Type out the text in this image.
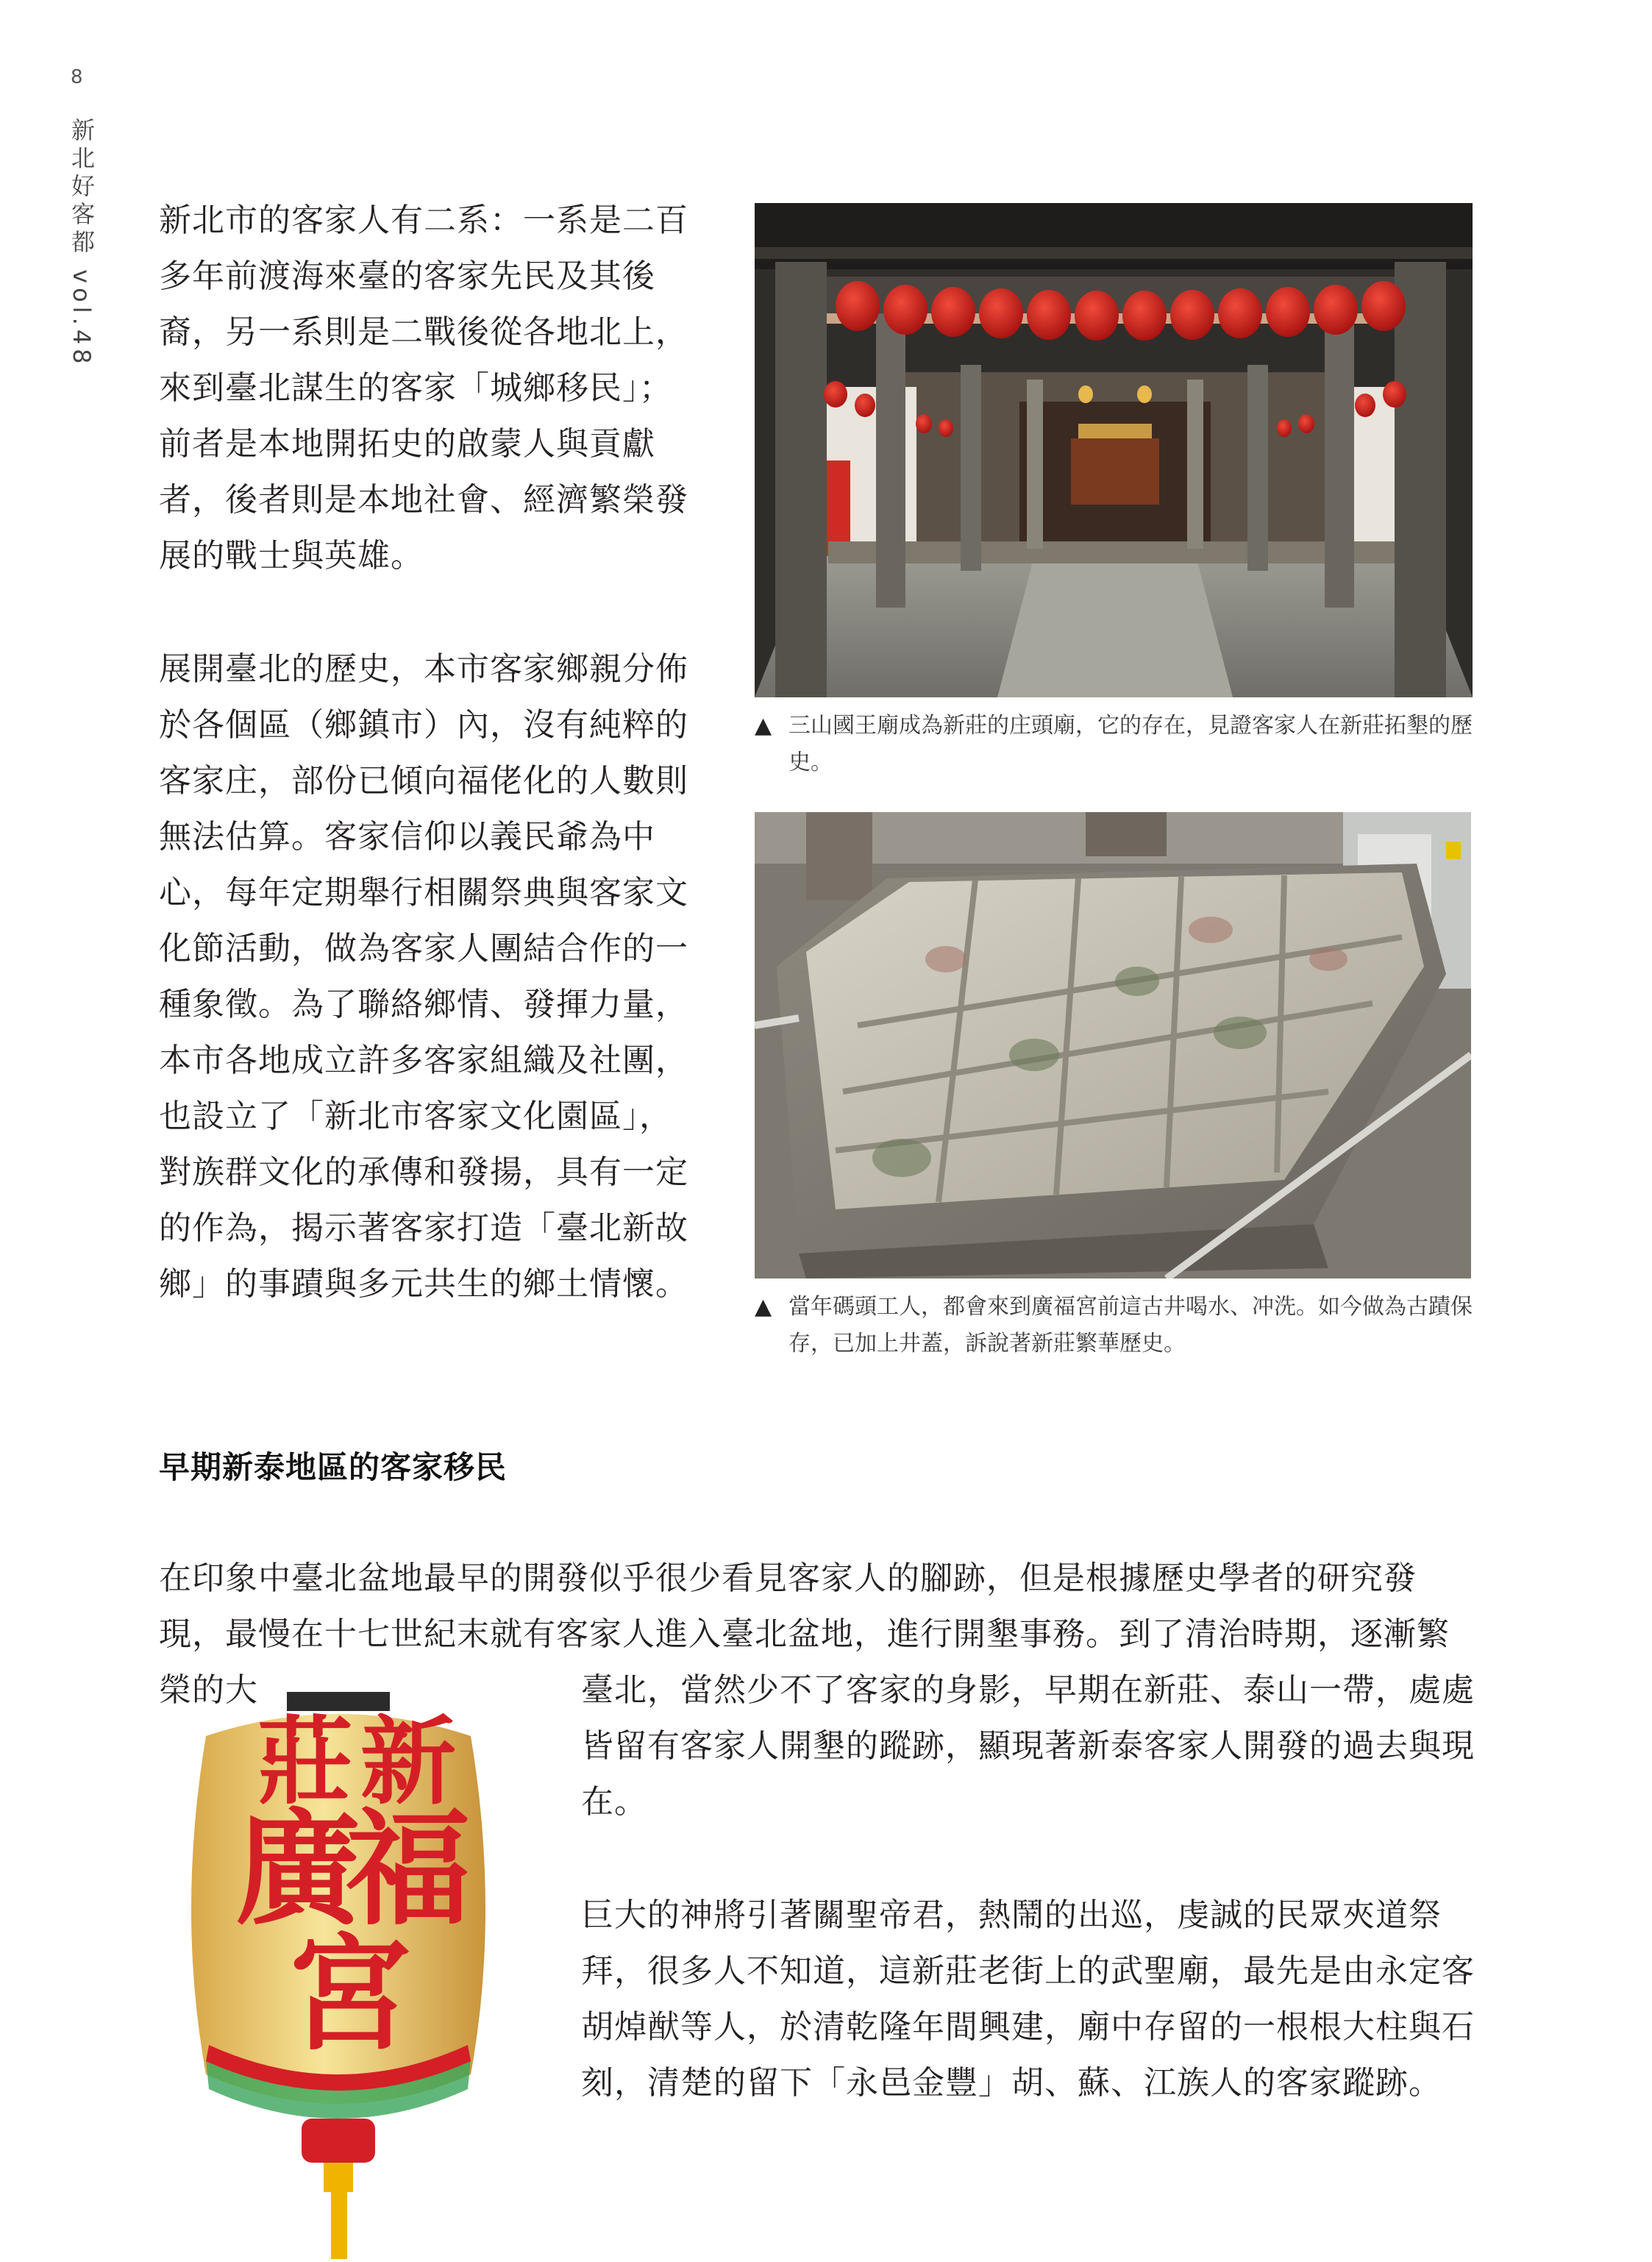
8
新北好客都 vol.48 新北市的客家人有二系：一系是二百多年前渡海來臺的客家先民及其後裔，另一系則是二戰後從各地北上，來到臺北謀生的客家「城鄉移民」；前者是本地開拓史的啟蒙人與貢獻者，後者則是本地社會、經濟繁榮發展的戰士與英雄。

展開臺北的歷史，本市客家鄉親分佈於各個區（鄉鎮市）內，沒有純粹的客家庄，部份已傾向福佬化的人數則無法估算。客家信仰以義民爺為中心，每年定期舉行相關祭典與客家文化節活動，做為客家人團結合作的一種象徵。為了聯絡鄉情、發揮力量，本市各地成立許多客家組織及社團，也設立了「新北市客家文化園區」，對族群文化的承傳和發揚，具有一定的作為，揭示著客家打造「臺北新故鄉」的事蹟與多元共生的鄉土情懷。

▲ 三山國王廟成為新莊的庄頭廟，它的存在，見證客家人在新莊拓墾的歷史。

▲ 當年碼頭工人，都會來到廣福宮前這古井喝水、冲洗。如今做為古蹟保存，已加上井蓋，訴說著新莊繁華歷史。

早期新泰地區的客家移民

在印象中臺北盆地最早的開發似乎很少看見客家人的腳跡，但是根據歷史學者的研究發現，最慢在十七世紀末就有客家人進入臺北盆地，進行開墾事務。到了清治時期，逐漸繁榮的大	臺北，當然少不了客家的身影，早期在新莊、泰山一帶，處處皆留有客家人開墾的蹤跡，顯現著新泰客家人開發的過去與現在。

巨大的神將引著關聖帝君，熱鬧的出巡，虔誠的民眾夾道祭拜，很多人不知道，這新莊老街上的武聖廟，最先是由永定客胡焯猷等人，於清乾隆年間興建，廟中存留的一根根大柱與石刻，清楚的留下「永邑金豐」胡、蘇、江族人的客家蹤跡。

莊 新
廣
福
宮
